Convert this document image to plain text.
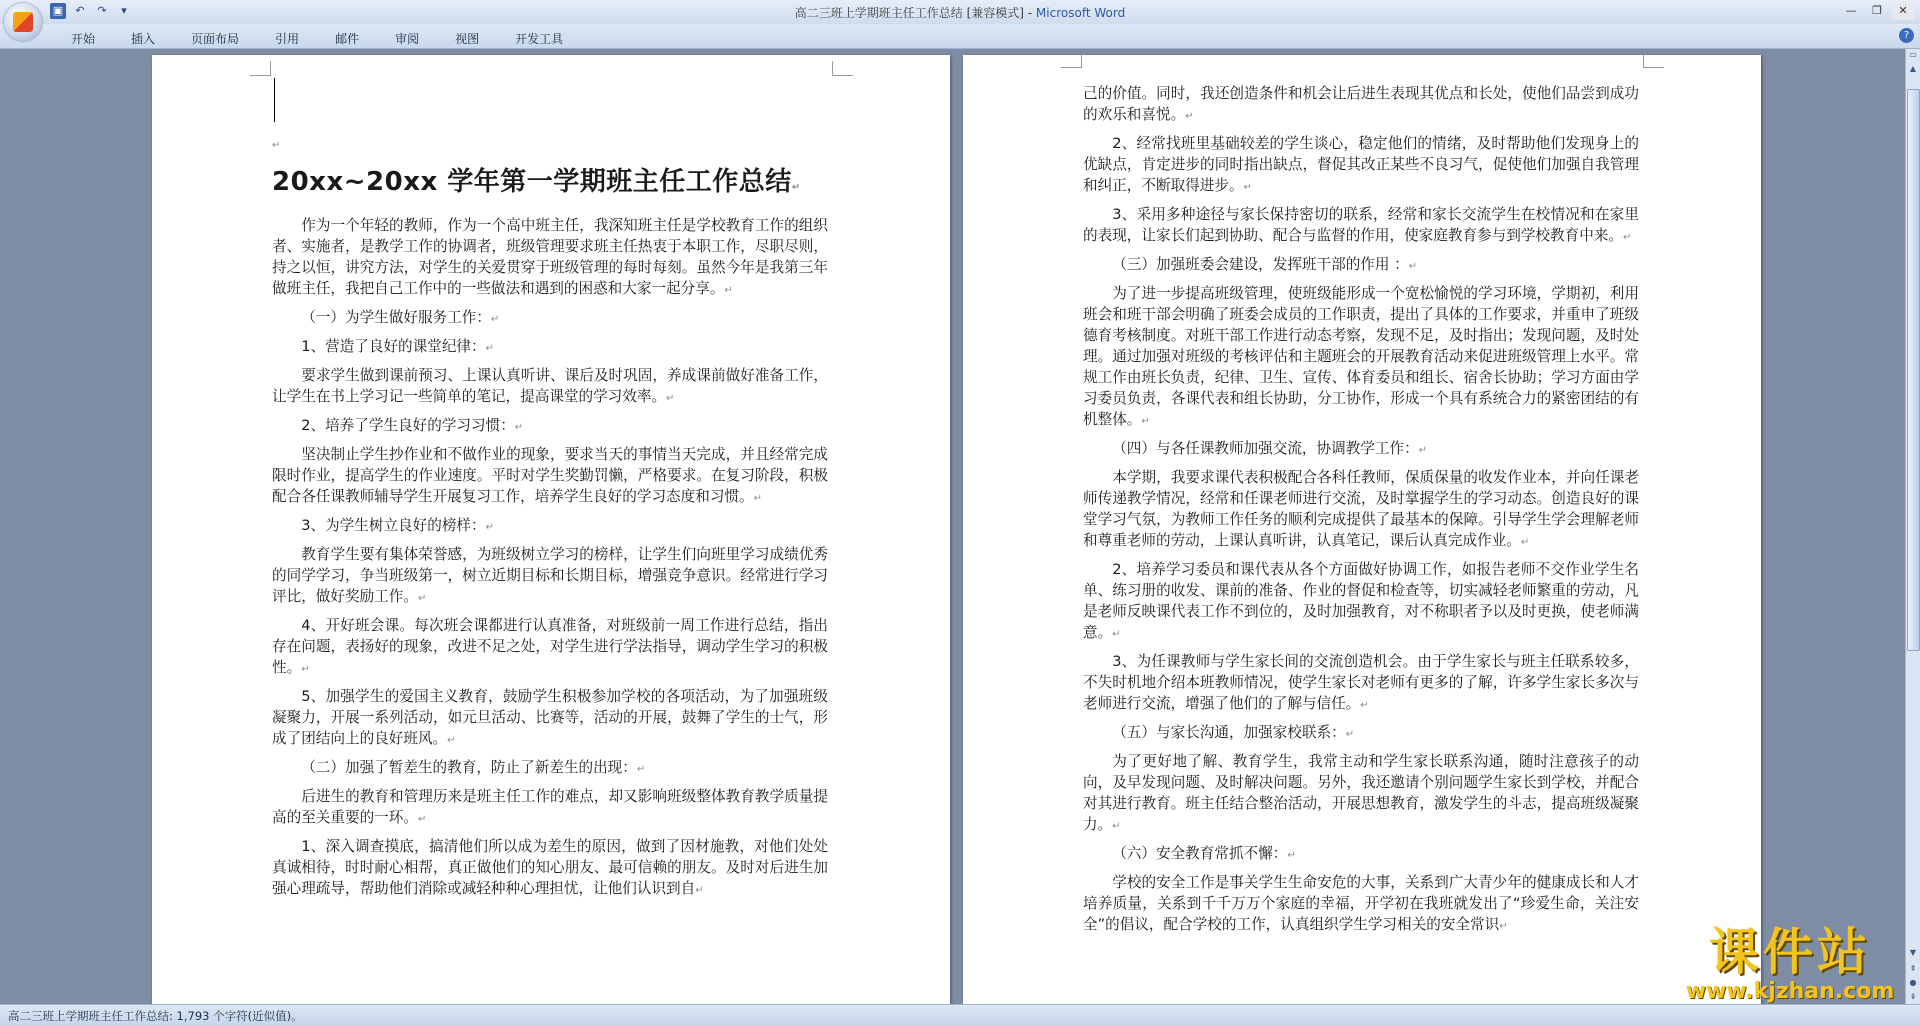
▣	↶	↷	▾	高二三班上学期班主任工作总结 [兼容模式] - Microsoft Word	—	❐	✕
开始	插入	页面布局	引用	邮件	审阅	视图	开发工具	?

↵

20xx~20xx 学年第一学期班主任工作总结↵

作为一个年轻的教师，作为一个高中班主任，我深知班主任是学校教育工作的组织者、实施者，是教学工作的协调者，班级管理要求班主任热衷于本职工作，尽职尽则，持之以恒，讲究方法，对学生的关爱贯穿于班级管理的每时每刻。虽然今年是我第三年做班主任，我把自己工作中的一些做法和遇到的困惑和大家一起分享。↵

（一）为学生做好服务工作：↵

1、营造了良好的课堂纪律：↵

要求学生做到课前预习、上课认真听讲、课后及时巩固，养成课前做好准备工作，让学生在书上学习记一些简单的笔记，提高课堂的学习效率。↵

2、培养了学生良好的学习习惯：↵

坚决制止学生抄作业和不做作业的现象，要求当天的事情当天完成，并且经常完成限时作业，提高学生的作业速度。平时对学生奖勤罚懒，严格要求。在复习阶段，积极配合各任课教师辅导学生开展复习工作，培养学生良好的学习态度和习惯。↵

3、为学生树立良好的榜样：↵

教育学生要有集体荣誉感，为班级树立学习的榜样，让学生们向班里学习成绩优秀的同学学习，争当班级第一，树立近期目标和长期目标，增强竞争意识。经常进行学习评比，做好奖励工作。↵

4、开好班会课。每次班会课都进行认真准备，对班级前一周工作进行总结，指出存在问题，表扬好的现象，改进不足之处，对学生进行学法指导，调动学生学习的积极性。↵

5、加强学生的爱国主义教育，鼓励学生积极参加学校的各项活动，为了加强班级凝聚力，开展一系列活动，如元旦活动、比赛等，活动的开展，鼓舞了学生的士气，形成了团结向上的良好班风。↵

（二）加强了暂差生的教育，防止了新差生的出现：↵

后进生的教育和管理历来是班主任工作的难点，却又影响班级整体教育教学质量提高的至关重要的一环。↵

1、深入调查摸底，搞清他们所以成为差生的原因，做到了因材施教，对他们处处真诚相待，时时耐心相帮，真正做他们的知心朋友、最可信赖的朋友。及时对后进生加强心理疏导，帮助他们消除或减轻种种心理担忧，让他们认识到自↵

己的价值。同时，我还创造条件和机会让后进生表现其优点和长处，使他们品尝到成功的欢乐和喜悦。↵

2、经常找班里基础较差的学生谈心，稳定他们的情绪，及时帮助他们发现身上的优缺点，肯定进步的同时指出缺点，督促其改正某些不良习气，促使他们加强自我管理和纠正，不断取得进步。↵

3、采用多种途径与家长保持密切的联系，经常和家长交流学生在校情况和在家里的表现，让家长们起到协助、配合与监督的作用，使家庭教育参与到学校教育中来。↵

（三）加强班委会建设，发挥班干部的作用 ：↵

为了进一步提高班级管理，使班级能形成一个宽松愉悦的学习环境，学期初，利用班会和班干部会明确了班委会成员的工作职责，提出了具体的工作要求，并重申了班级德育考核制度。对班干部工作进行动态考察，发现不足，及时指出；发现问题，及时处理。通过加强对班级的考核评估和主题班会的开展教育活动来促进班级管理上水平。常规工作由班长负责，纪律、卫生、宣传、体育委员和组长、宿舍长协助；学习方面由学习委员负责，各课代表和组长协助，分工协作，形成一个具有系统合力的紧密团结的有机整体。↵

（四）与各任课教师加强交流，协调教学工作：↵

本学期，我要求课代表积极配合各科任教师，保质保量的收发作业本，并向任课老师传递教学情况，经常和任课老师进行交流，及时掌握学生的学习动态。创造良好的课堂学习气氛，为教师工作任务的顺利完成提供了最基本的保障。引导学生学会理解老师和尊重老师的劳动，上课认真听讲，认真笔记，课后认真完成作业。↵

2、培养学习委员和课代表从各个方面做好协调工作，如报告老师不交作业学生名单、练习册的收发、课前的准备、作业的督促和检查等，切实减轻老师繁重的劳动，凡是老师反映课代表工作不到位的，及时加强教育，对不称职者予以及时更换，使老师满意。↵

3、为任课教师与学生家长间的交流创造机会。由于学生家长与班主任联系较多，不失时机地介绍本班教师情况，使学生家长对老师有更多的了解，许多学生家长多次与老师进行交流，增强了他们的了解与信任。↵

（五）与家长沟通，加强家校联系：↵

为了更好地了解、教育学生，我常主动和学生家长联系沟通，随时注意孩子的动向，及早发现问题、及时解决问题。另外，我还邀请个别问题学生家长到学校，并配合对其进行教育。班主任结合整治活动，开展思想教育，激发学生的斗志，提高班级凝聚力。↵

（六）安全教育常抓不懈：↵

学校的安全工作是事关学生生命安危的大事，关系到广大青少年的健康成长和人才培养质量，关系到千千万万个家庭的幸福，开学初在我班就发出了“珍爱生命，关注安全”的倡议，配合学校的工作，认真组织学生学习相关的安全常识↵

▭
▲
▼
⇞
●
⇟
高二三班上学期班主任工作总结: 1,793 个字符(近似值)。
课件站
www.kjzhan.com
